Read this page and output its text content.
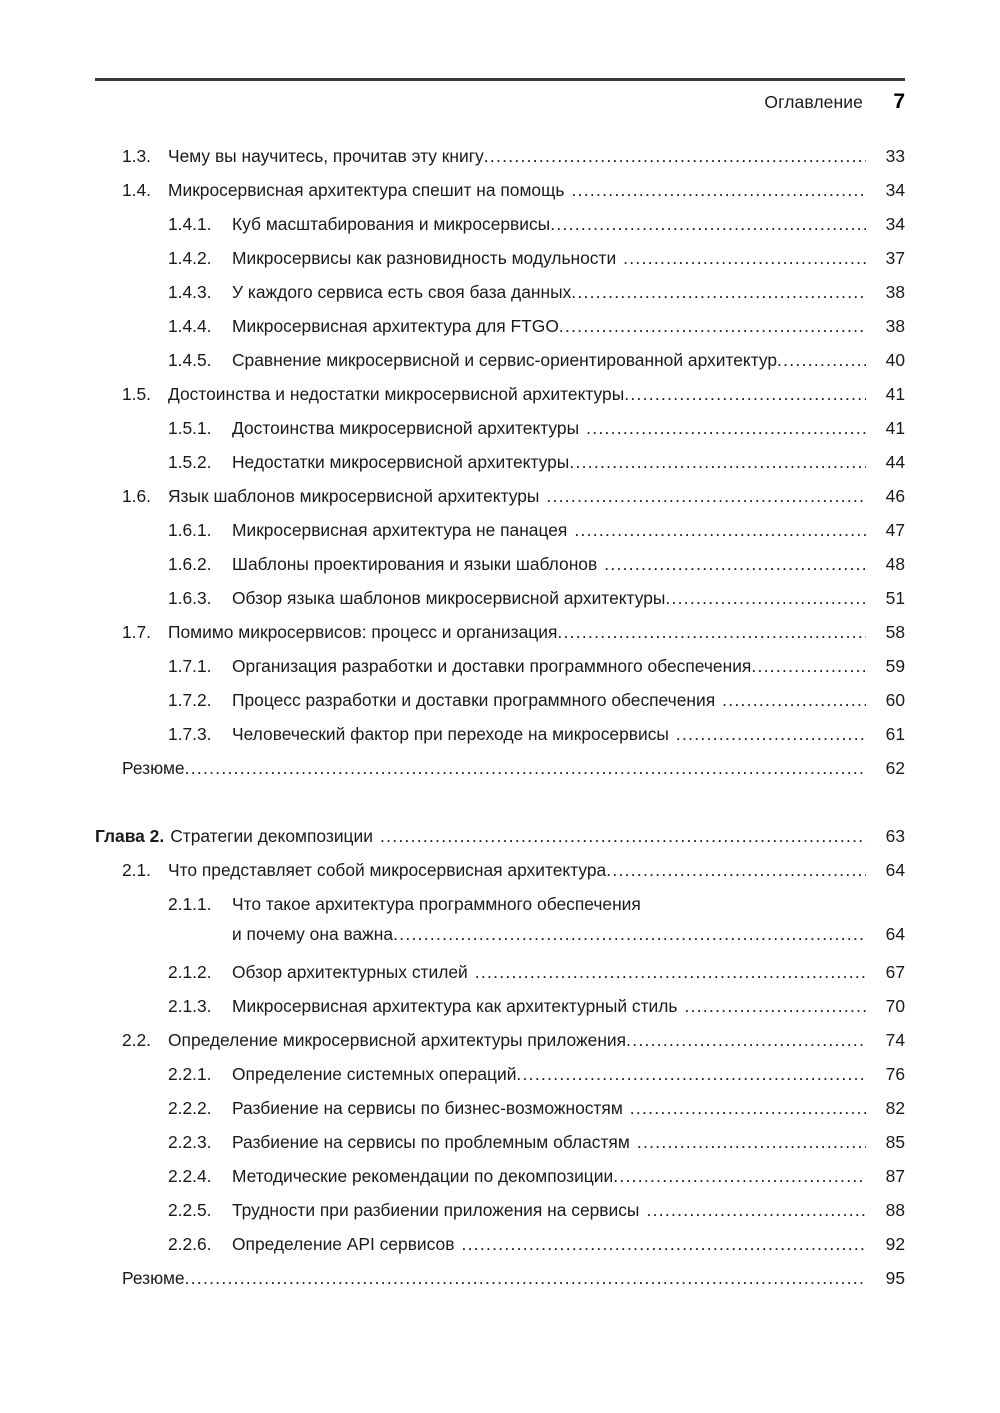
Оглавление 7
1.3. Чему вы научитесь, прочитав эту книгу .....	33
1.4. Микросервисная архитектура спешит на помощь .....	34
1.4.1.	Куб масштабирования и микросервисы .....	34
1.4.2.	Микросервисы как разновидность модульности .....	37
1.4.3.	У каждого сервиса есть своя база данных .....	38
1.4.4.	Микросервисная архитектура для FTGO .....	38
1.4.5.	Сравнение микросервисной и сервис-ориентированной архитектур .....	40
1.5. Достоинства и недостатки микросервисной архитектуры .....	41
1.5.1.	Достоинства микросервисной архитектуры .....	41
1.5.2.	Недостатки микросервисной архитектуры .....	44
1.6. Язык шаблонов микросервисной архитектуры .....	46
1.6.1.	Микросервисная архитектура не панацея .....	47
1.6.2.	Шаблоны проектирования и языки шаблонов .....	48
1.6.3.	Обзор языка шаблонов микросервисной архитектуры .....	51
1.7. Помимо микросервисов: процесс и организация .....	58
1.7.1.	Организация разработки и доставки программного обеспечения .....	59
1.7.2.	Процесс разработки и доставки программного обеспечения .....	60
1.7.3.	Человеческий фактор при переходе на микросервисы .....	61
Резюме .....	62
Глава 2. Стратегии декомпозиции .....	63
2.1. Что представляет собой микросервисная архитектура .....	64
2.1.1.	Что такое архитектура программного обеспечения
и почему она важна .....	64
2.1.2.	Обзор архитектурных стилей .....	67
2.1.3.	Микросервисная архитектура как архитектурный стиль .....	70
2.2. Определение микросервисной архитектуры приложения .....	74
2.2.1.	Определение системных операций .....	76
2.2.2.	Разбиение на сервисы по бизнес-возможностям .....	82
2.2.3.	Разбиение на сервисы по проблемным областям .....	85
2.2.4.	Методические рекомендации по декомпозиции .....	87
2.2.5.	Трудности при разбиении приложения на сервисы .....	88
2.2.6.	Определение API сервисов .....	92
Резюме .....	95
